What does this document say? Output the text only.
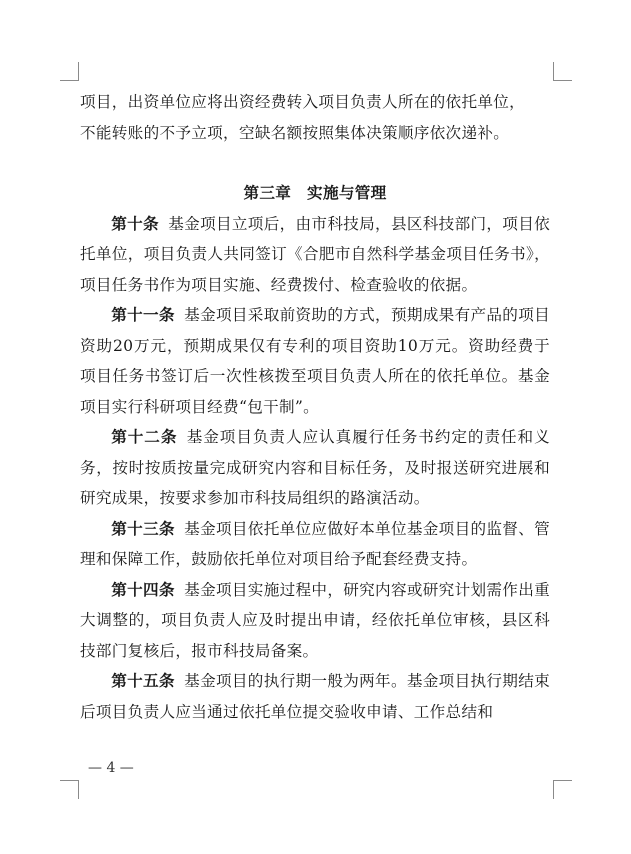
项目，出资单位应将出资经费转入项目负责人所在的依托单位，

不能转账的不予立项，空缺名额按照集体决策顺序依次递补。

第三章　实施与管理

第十条 基金项目立项后，由市科技局，县区科技部门，项目依托单位，项目负责人共同签订《合肥市自然科学基金项目任务书》，项目任务书作为项目实施、经费拨付、检查验收的依据。

第十一条 基金项目采取前资助的方式，预期成果有产品的项目资助20万元，预期成果仅有专利的项目资助10万元。资助经费于项目任务书签订后一次性核拨至项目负责人所在的依托单位。基金项目实行科研项目经费“包干制”。

第十二条 基金项目负责人应认真履行任务书约定的责任和义务，按时按质按量完成研究内容和目标任务，及时报送研究进展和研究成果，按要求参加市科技局组织的路演活动。

第十三条 基金项目依托单位应做好本单位基金项目的监督、管理和保障工作，鼓励依托单位对项目给予配套经费支持。

第十四条 基金项目实施过程中，研究内容或研究计划需作出重大调整的，项目负责人应及时提出申请，经依托单位审核，县区科技部门复核后，报市科技局备案。

第十五条 基金项目的执行期一般为两年。基金项目执行期结束后项目负责人应当通过依托单位提交验收申请、工作总结和

— 4 —
